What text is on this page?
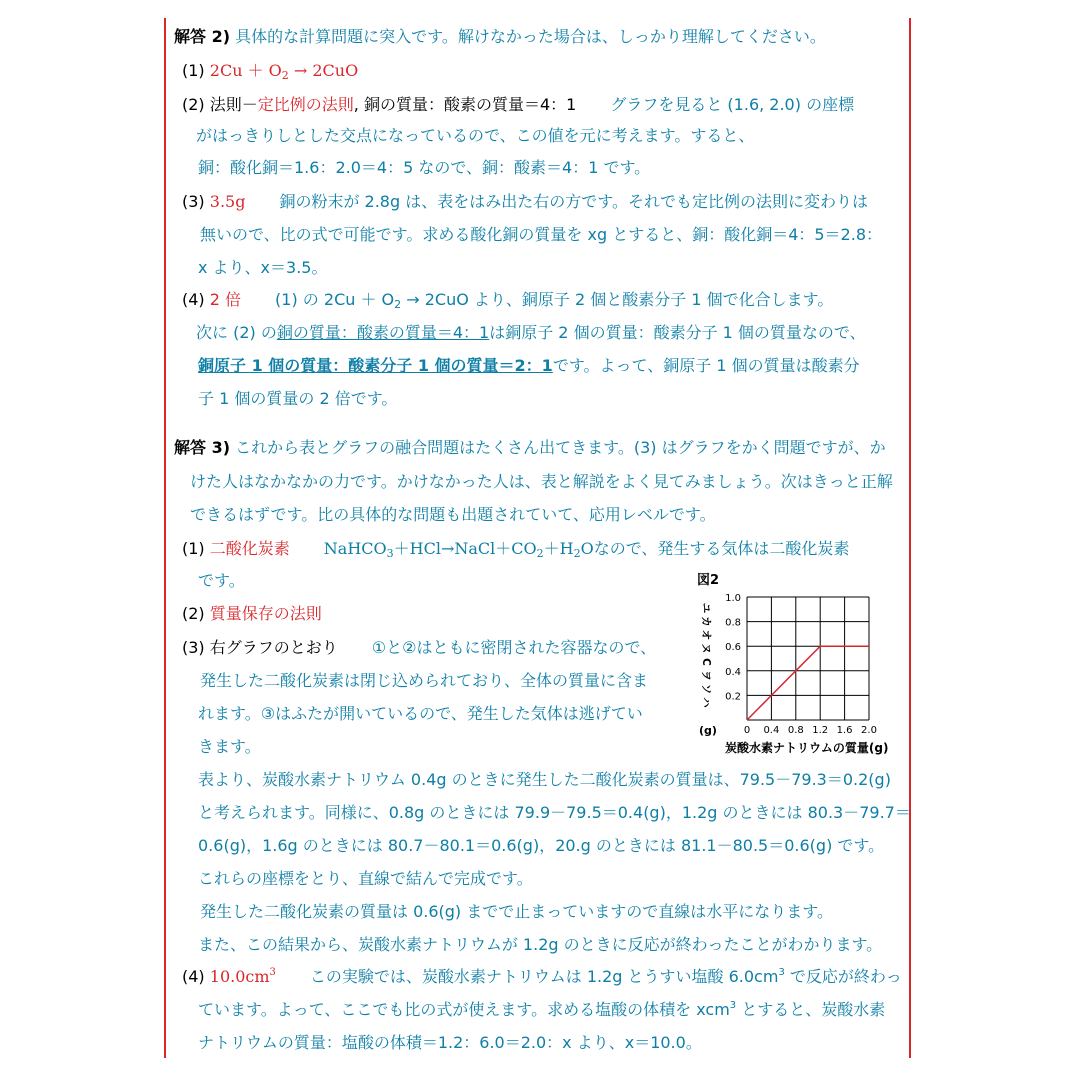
解答 2) 具体的な計算問題に突入です。解けなかった場合は、しっかり理解してください。
(1) $2Cu + O_2 \to 2CuO$
(2) 法則－定比例の法則, 銅の質量：酸素の質量＝4：1 グラフを見ると (1.6, 2.0) の座標
がはっきりしとした交点になっているので、この値を元に考えます。すると、
銅：酸化銅＝1.6：2.0＝4：5 なので、銅：酸素＝4：1 です。
(3) 3.5g 銅の粉末が 2.8g は、表をはみ出た右の方です。それでも定比例の法則に変わりは
無いので、比の式で可能です。求める酸化銅の質量を xg とすると、銅：酸化銅＝4：5＝2.8：
x より、x＝3.5。
(4) 2 倍 (1) の $2Cu + O_2 \to 2CuO$ より、銅原子 2 個と酸素分子 1 個で化合します。
次に (2) の銅の質量：酸素の質量＝4：1は銅原子 2 個の質量：酸素分子 1 個の質量なので、
銅原子 1 個の質量：酸素分子 1 個の質量＝2：1です。よって、銅原子 1 個の質量は酸素分
子 1 個の質量の 2 倍です。
解答 3) これから表とグラフの融合問題はたくさん出てきます。(3) はグラフをかく問題ですが、か
けた人はなかなかの力です。かけなかった人は、表と解説をよく見てみましょう。次はきっと正解
できるはずです。比の具体的な問題も出題されていて、応用レベルです。
(1) 二酸化炭素 $NaHCO_3+HCl\to NaCl+CO_2+H_2O$なので、発生する気体は二酸化炭素
です。
(2) 質量保存の法則
(3) 右グラフのとおり ①と②はともに密閉された容器なので、
発生した二酸化炭素は閉じ込められており、全体の質量に含ま
れます。③はふたが開いているので、発生した気体は逃げてい
きます。
表より、炭酸水素ナトリウム 0.4g のときに発生した二酸化炭素の質量は、79.5－79.3＝0.2(g)
と考えられます。同様に、0.8g のときには 79.9－79.5＝0.4(g)，1.2g のときには 80.3－79.7＝
0.6(g)，1.6g のときには 80.7－80.1＝0.6(g)，20.g のときには 81.1－80.5＝0.6(g) です。
これらの座標をとり、直線で結んで完成です。
発生した二酸化炭素の質量は 0.6(g) までで止まっていますので直線は水平になります。
また、この結果から、炭酸水素ナトリウムが 1.2g のときに反応が終わったことがわかります。
(4) $10.0cm^3$ この実験では、炭酸水素ナトリウムは 1.2g とうすい塩酸 $6.0cm^3$ で反応が終わっ
ています。よって、ここでも比の式が使えます。求める塩酸の体積を xcm$^3$ とすると、炭酸水素
ナトリウムの質量：塩酸の体積＝1.2：6.0＝2.0：x より、x＝10.0。
図2
0.2
0.4
0.6
0.8
1.0
0 0.4 0.8 1.2 1.6 2.0
ユ
カ
オ
ヌ
C
ヲ
ソ
ハ
(g)
炭酸水素ナトリウムの質量(g)
